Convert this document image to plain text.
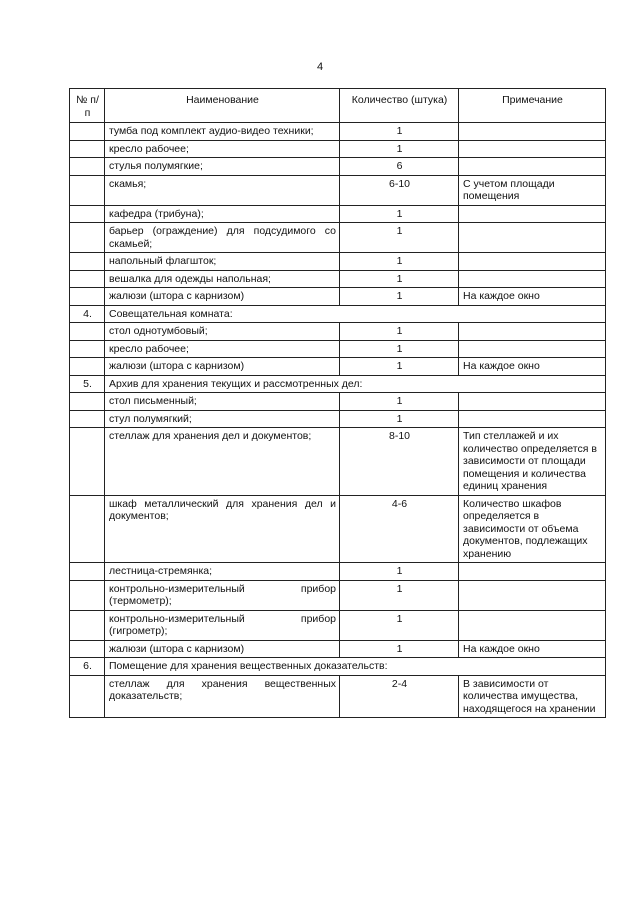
4
№ п/п	Наименование	Количество (штука)	Примечание
	тумба под комплект аудио-видео техники;	1	
	кресло рабочее;	1	
	стулья полумягкие;	6	
	скамья;	6-10	С учетом площади помещения
	кафедра (трибуна);	1	
	барьер (ограждение) для подсудимого со скамьей;	1	
	напольный флагшток;	1	
	вешалка для одежды напольная;	1	
	жалюзи (штора с карнизом)	1	На каждое окно
4.	Совещательная комната:		
	стол однотумбовый;	1	
	кресло рабочее;	1	
	жалюзи (штора с карнизом)	1	На каждое окно
5.	Архив для хранения текущих и рассмотренных дел:		
	стол письменный;	1	
	стул полумягкий;	1	
	стеллаж для хранения дел и документов;	8-10	Тип стеллажей и их количество определяется в зависимости от площади помещения и количества единиц хранения
	шкаф металлический для хранения дел и документов;	4-6	Количество шкафов определяется в зависимости от объема документов, подлежащих хранению
	лестница-стремянка;	1	
	контрольно-измерительный прибор (термометр);	1	
	контрольно-измерительный прибор (гигрометр);	1	
	жалюзи (штора с карнизом)	1	На каждое окно
6.	Помещение для хранения вещественных доказательств:		
	стеллаж для хранения вещественных доказательств;	2-4	В зависимости от количества имущества, находящегося на хранении
